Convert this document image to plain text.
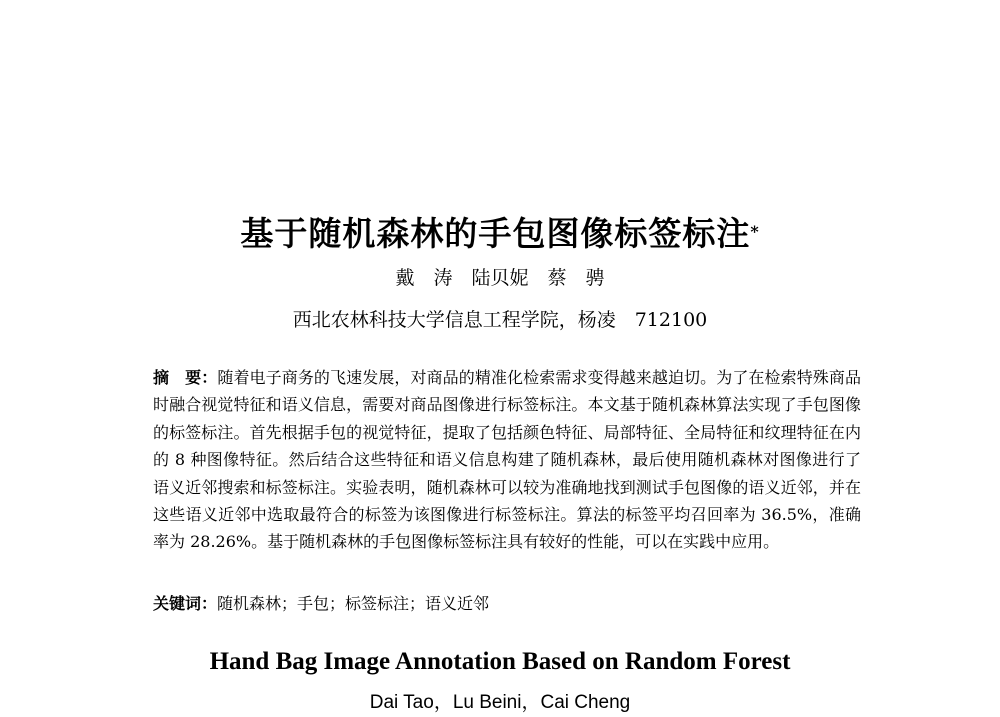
基于随机森林的手包图像标签标注*
戴　涛　陆贝妮　蔡　骋
西北农林科技大学信息工程学院，杨凌　712100
摘　要：随着电子商务的飞速发展，对商品的精准化检索需求变得越来越迫切。为了在检索特殊商品时融合视觉特征和语义信息，需要对商品图像进行标签标注。本文基于随机森林算法实现了手包图像的标签标注。首先根据手包的视觉特征，提取了包括颜色特征、局部特征、全局特征和纹理特征在内的 8 种图像特征。然后结合这些特征和语义信息构建了随机森林，最后使用随机森林对图像进行了语义近邻搜索和标签标注。实验表明，随机森林可以较为准确地找到测试手包图像的语义近邻，并在这些语义近邻中选取最符合的标签为该图像进行标签标注。算法的标签平均召回率为 36.5%，准确率为 28.26%。基于随机森林的手包图像标签标注具有较好的性能，可以在实践中应用。
关键词：随机森林；手包；标签标注；语义近邻
Hand Bag Image Annotation Based on Random Forest
Dai Tao，Lu Beini，Cai Cheng
